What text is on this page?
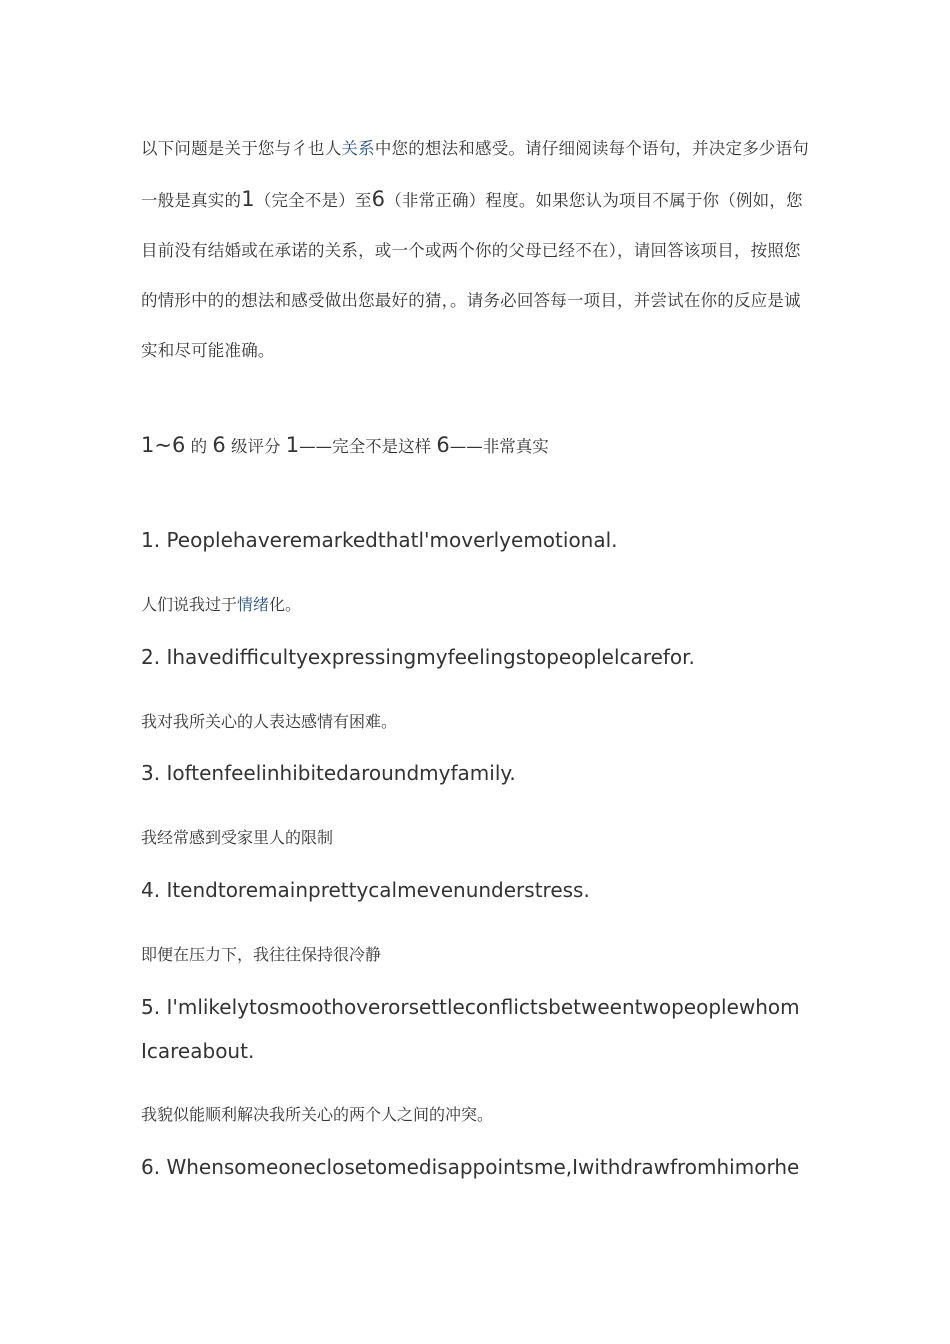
以下问题是关于您与彳也人关系中您的想法和感受。请仔细阅读每个语句，并决定多少语句一般是真实的1（完全不是）至6（非常正确）程度。如果您认为项目不属于你（例如，您目前没有结婚或在承诺的关系，或一个或两个你的父母已经不在），请回答该项目，按照您的情形中的的想法和感受做出您最好的猜，。请务必回答每一项目，并尝试在你的反应是诚实和尽可能准确。

1~6 的 6 级评分 1——完全不是这样 6——非常真实

1. Peoplehaveremarkedthatl'moverlyemotional.

人们说我过于情绪化。

2. Ihavedifficultyexpressingmyfeelingstopeoplelcarefor.

我对我所关心的人表达感情有困难。

3. Ioftenfeelinhibitedaroundmyfamily.

我经常感到受家里人的限制

4. Itendtoremainprettycalmevenunderstress.

即便在压力下，我往往保持很冷静

5. I'mlikelytosmoothoverorsettleconflictsbetweentwopeoplewhom Icareabout.

我貌似能顺利解决我所关心的两个人之间的冲突。

6. Whensomeoneclosetomedisappointsme,Iwithdrawfromhimorhe
